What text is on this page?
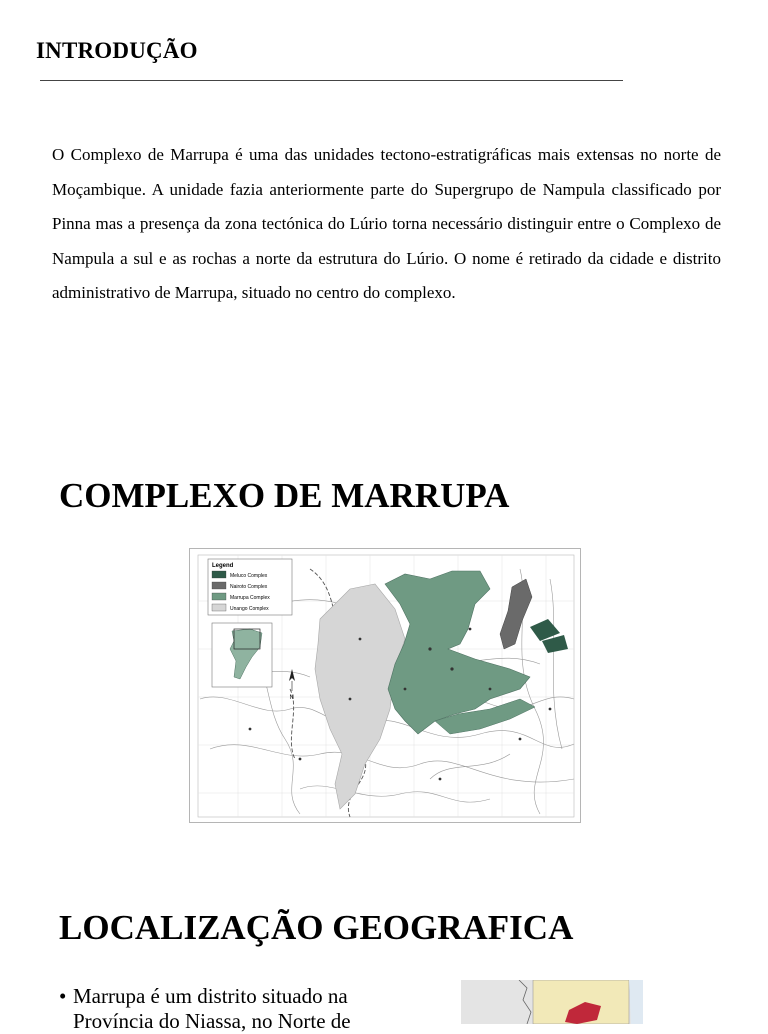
INTRODUÇÃO

O Complexo de Marrupa é uma das unidades tectono-estratigráficas mais extensas no norte de Moçambique. A unidade fazia anteriormente parte do Supergrupo de Nampula classificado por Pinna mas a presença da zona tectónica do Lúrio torna necessário distinguir entre o Complexo de Nampula a sul e as rochas a norte da estrutura do Lúrio. O nome é retirado da cidade e distrito administrativo de Marrupa, situado no centro do complexo.

COMPLEXO DE MARRUPA
Legend
Meluco Complex
Nairoto Complex
Marrupa Complex
Unango Complex
N
LOCALIZAÇÃO GEOGRAFICA
• Marrupa é um distrito situado na Província do Niassa, no Norte de
